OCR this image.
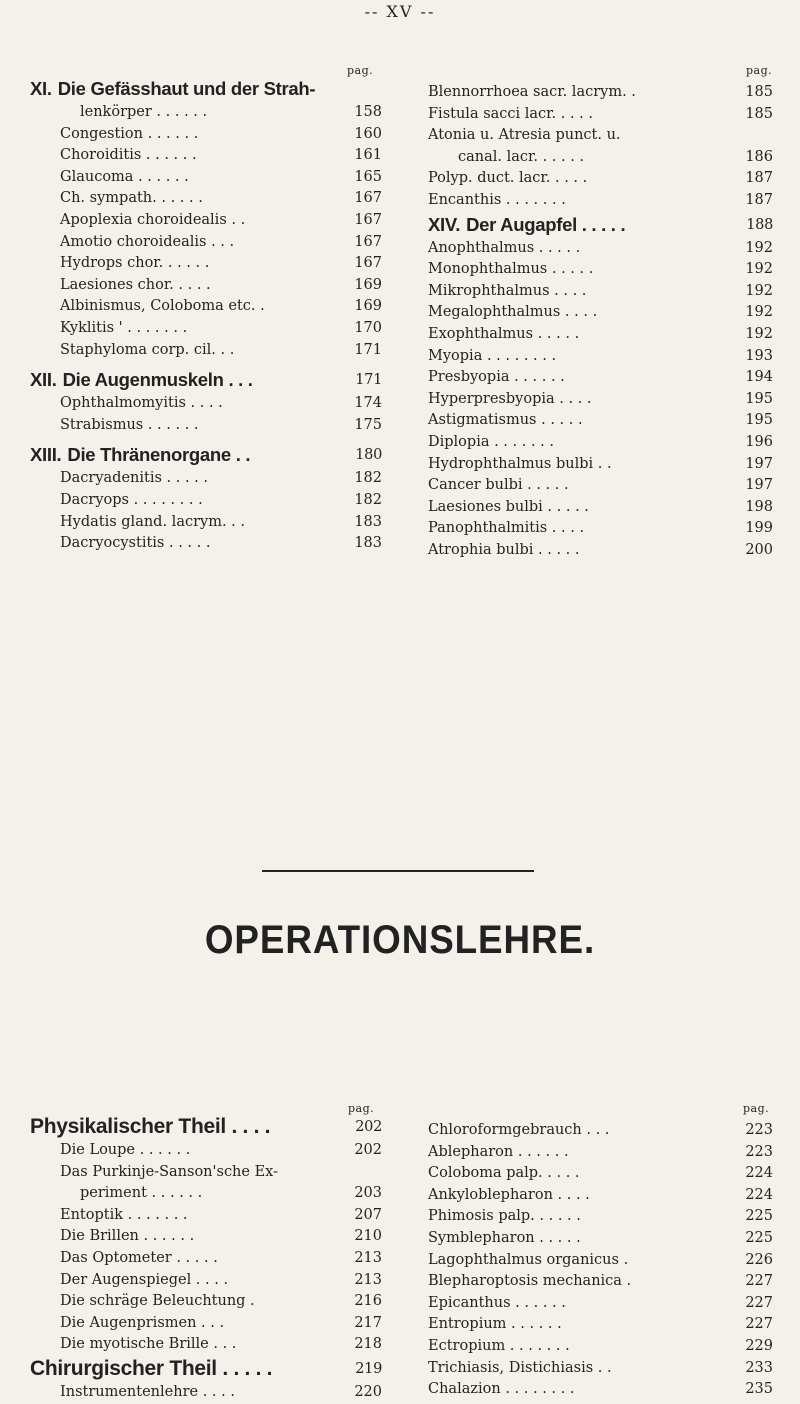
-- XV --
pag.	pag.
pag.	pag.
XI. Die Gefässhaut und der Strah-
lenkörper . . . . . .	158
Congestion . . . . . .	160
Choroiditis . . . . . .	161
Glaucoma . . . . . .	165
Ch. sympath. . . . . .	167
Apoplexia choroidealis . .	167
Amotio choroidealis . . .	167
Hydrops chor. . . . . .	167
Laesiones chor. . . . .	169
Albinismus, Coloboma etc. .	169
Kyklitis ' . . . . . . .	170
Staphyloma corp. cil. . .	171
XII. Die Augenmuskeln . . .	171
Ophthalmomyitis . . . .	174
Strabismus . . . . . .	175
XIII. Die Thränenorgane . .	180
Dacryadenitis . . . . .	182
Dacryops . . . . . . . .	182
Hydatis gland. lacrym. . .	183
Dacryocystitis . . . . .	183
Blennorrhoea sacr. lacrym. .	185
Fistula sacci lacr. . . . .	185
Atonia u. Atresia punct. u.
canal. lacr. . . . . .	186
Polyp. duct. lacr. . . . .	187
Encanthis . . . . . . .	187
XIV. Der Augapfel . . . . .	188
Anophthalmus . . . . .	192
Monophthalmus . . . . .	192
Mikrophthalmus . . . .	192
Megalophthalmus . . . .	192
Exophthalmus . . . . .	192
Myopia . . . . . . . .	193
Presbyopia . . . . . .	194
Hyperpresbyopia . . . .	195
Astigmatismus . . . . .	195
Diplopia . . . . . . .	196
Hydrophthalmus bulbi . .	197
Cancer bulbi . . . . .	197
Laesiones bulbi . . . . .	198
Panophthalmitis . . . .	199
Atrophia bulbi . . . . .	200
OPERATIONSLEHRE.
Physikalischer Theil . . . .	202
Die Loupe . . . . . .	202
Das Purkinje-Sanson'sche Ex-
periment . . . . . .	203
Entoptik . . . . . . .	207
Die Brillen . . . . . .	210
Das Optometer . . . . .	213
Der Augenspiegel . . . .	213
Die schräge Beleuchtung .	216
Die Augenprismen . . .	217
Die myotische Brille . . .	218
Chirurgischer Theil . . . . .	219
Instrumentenlehre . . . .	220
Chloroformgebrauch . . .	223
Ablepharon . . . . . .	223
Coloboma palp. . . . .	224
Ankyloblepharon . . . .	224
Phimosis palp. . . . . .	225
Symblepharon . . . . .	225
Lagophthalmus organicus .	226
Blepharoptosis mechanica .	227
Epicanthus . . . . . .	227
Entropium . . . . . .	227
Ectropium . . . . . . .	229
Trichiasis, Distichiasis . .	233
Chalazion . . . . . . . .	235
